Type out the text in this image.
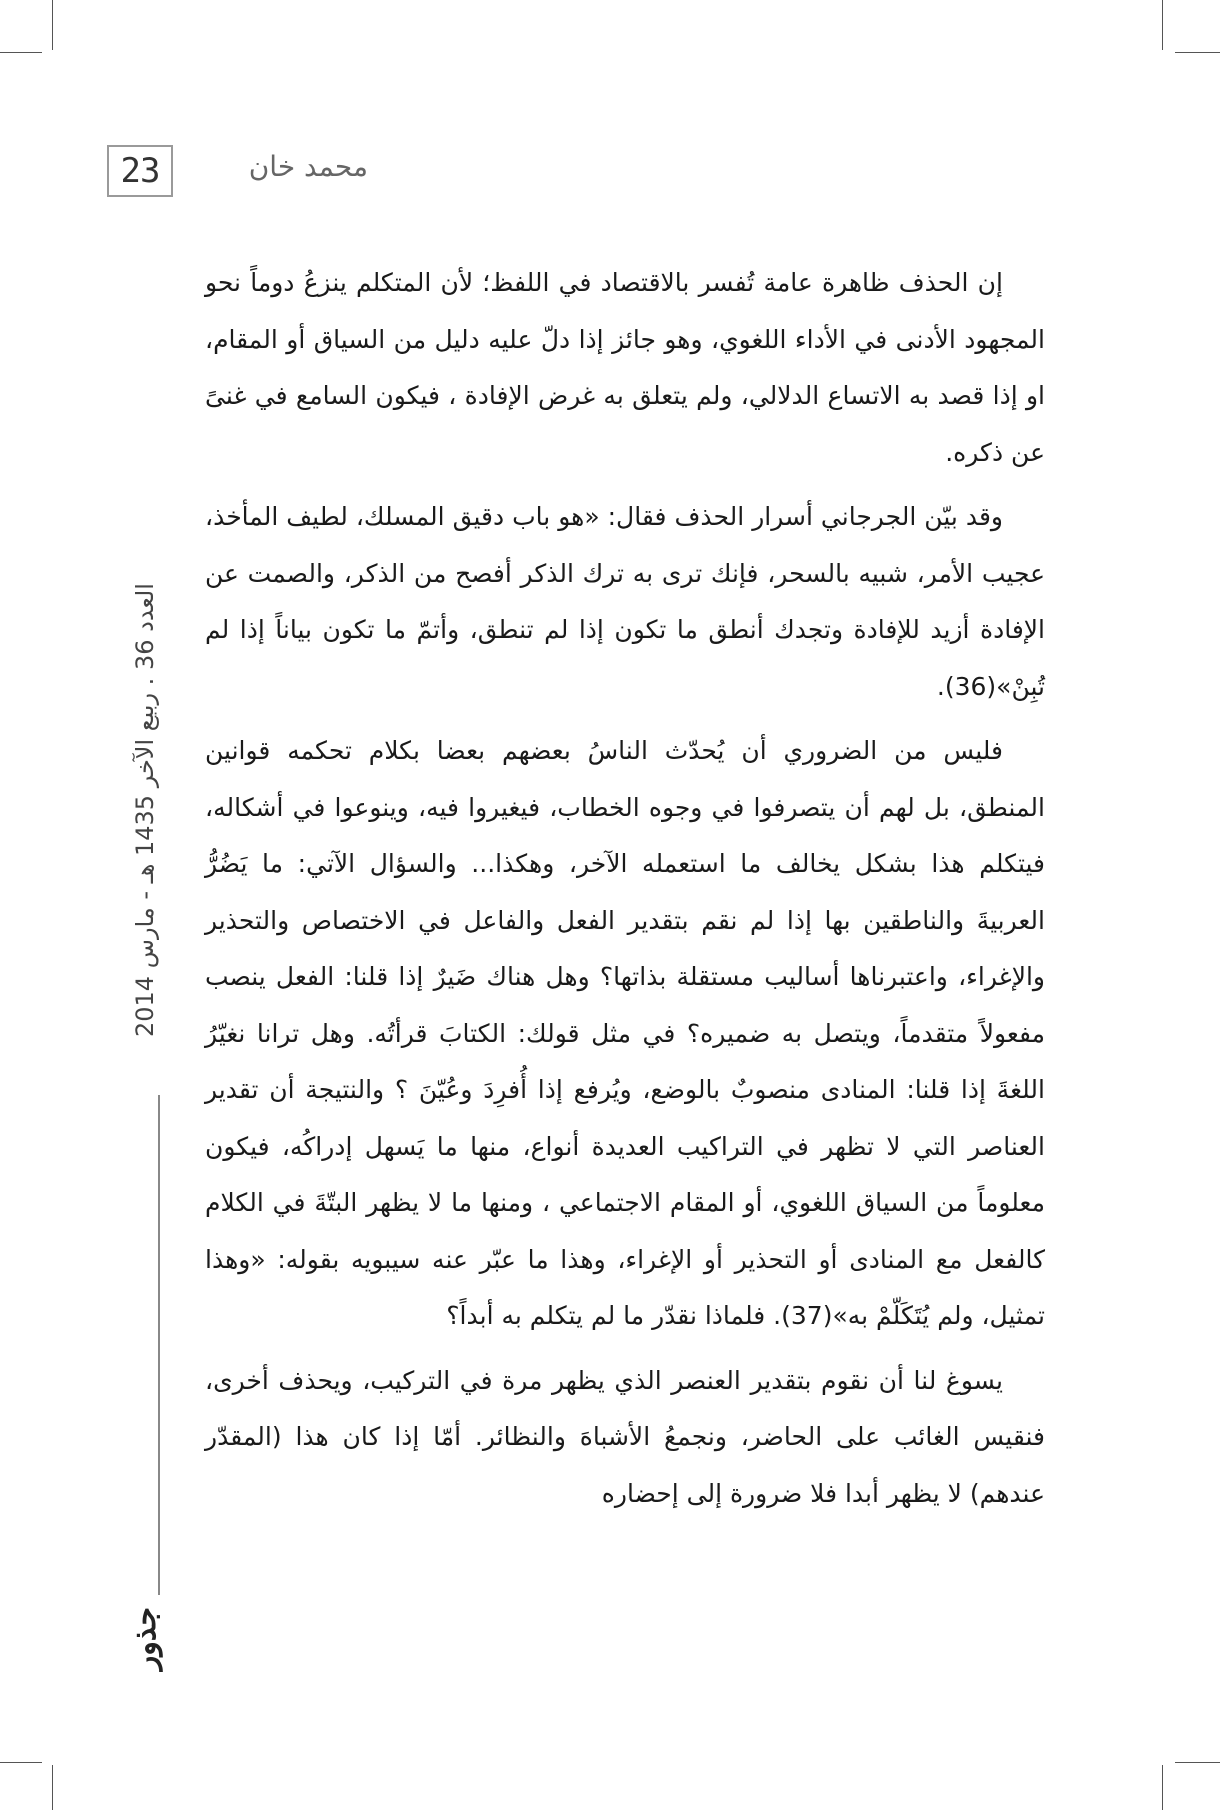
23	محمد خان

إن الحذف ظاهرة عامة تُفسر بالاقتصاد في اللفظ؛ لأن المتكلم ينزعُ دوماً نحو المجهود الأدنى في الأداء اللغوي، وهو جائز إذا دلّ عليه دليل من السياق أو المقام، او إذا قصد به الاتساع الدلالي، ولم يتعلق به غرض الإفادة ، فيكون السامع في غنىً عن ذكره.

وقد بيّن الجرجاني أسرار الحذف فقال: «هو باب دقيق المسلك، لطيف المأخذ، عجيب الأمر، شبيه بالسحر، فإنك ترى به ترك الذكر أفصح من الذكر، والصمت عن الإفادة أزيد للإفادة وتجدك أنطق ما تكون إذا لم تنطق، وأتمّ ما تكون بياناً إذا لم تُبِنْ»(36).

فليس من الضروري أن يُحدّث الناسُ بعضهم بعضا بكلام تحكمه قوانين المنطق، بل لهم أن يتصرفوا في وجوه الخطاب، فيغيروا فيه، وينوعوا في أشكاله، فيتكلم هذا بشكل يخالف ما استعمله الآخر، وهكذا... والسؤال الآتي: ما يَضُرُّ العربيةَ والناطقين بها إذا لم نقم بتقدير الفعل والفاعل في الاختصاص والتحذير والإغراء، واعتبرناها أساليب مستقلة بذاتها؟ وهل هناك ضَيرٌ إذا قلنا: الفعل ينصب مفعولاً متقدماً، ويتصل به ضميره؟ في مثل قولك: الكتابَ قرأتُه. وهل ترانا نغيّرُ اللغةَ إذا قلنا: المنادى منصوبٌ بالوضع، ويُرفع إذا أُفرِدَ وعُيّنَ ؟ والنتيجة أن تقدير العناصر التي لا تظهر في التراكيب العديدة أنواع، منها ما يَسهل إدراكُه، فيكون معلوماً من السياق اللغوي، أو المقام الاجتماعي ، ومنها ما لا يظهر البتّةَ في الكلام كالفعل مع المنادى أو التحذير أو الإغراء، وهذا ما عبّر عنه سيبويه بقوله: «وهذا تمثيل، ولم يُتَكَلّمْ به»(37). فلماذا نقدّر ما لم يتكلم به أبداً؟

يسوغ لنا أن نقوم بتقدير العنصر الذي يظهر مرة في التركيب، ويحذف أخرى، فنقيس الغائب على الحاضر، ونجمعُ الأشباهَ والنظائر. أمّا إذا كان هذا (المقدّر عندهم) لا يظهر أبدا فلا ضرورة إلى إحضاره

العدد 36 . ربيع الآخر 1435 هـ - مارس 2014
جذور
